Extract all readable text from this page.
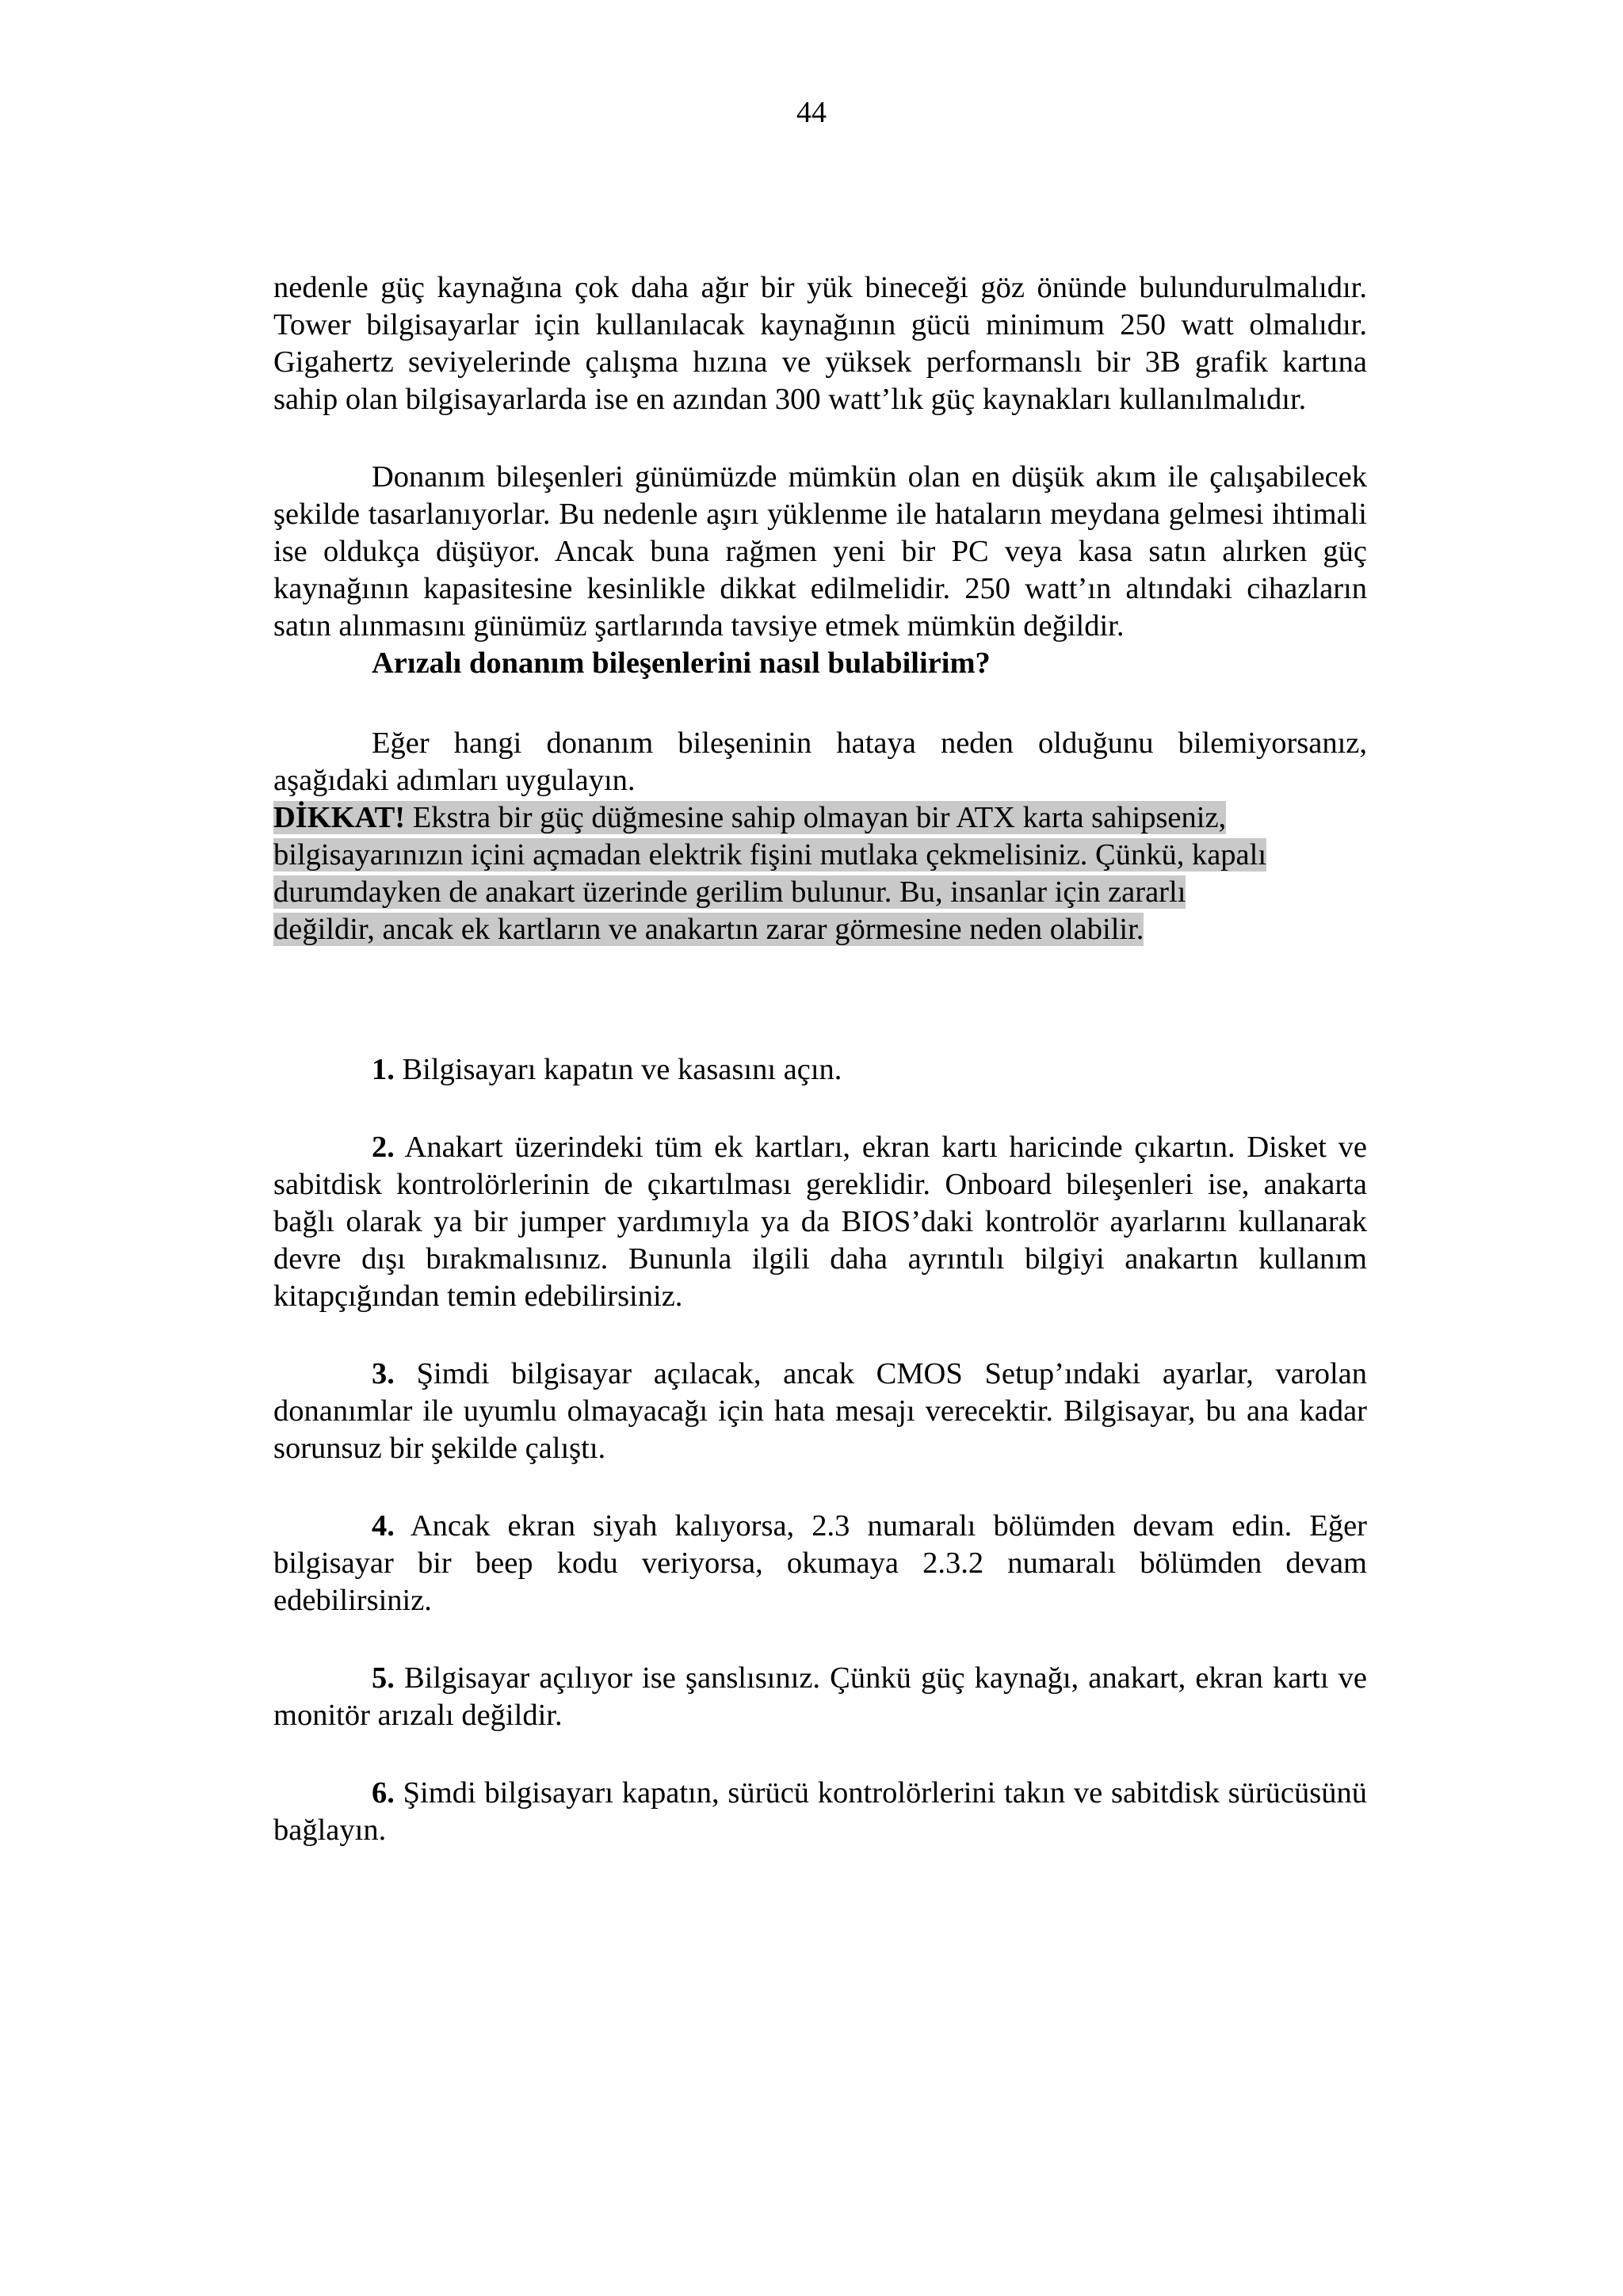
44

nedenle güç kaynağına çok daha ağır bir yük bineceği göz önünde bulundurulmalıdır. Tower bilgisayarlar için kullanılacak kaynağının gücü minimum 250 watt olmalıdır. Gigahertz seviyelerinde çalışma hızına ve yüksek performanslı bir 3B grafik kartına sahip olan bilgisayarlarda ise en azından 300 watt’lık güç kaynakları kullanılmalıdır.

Donanım bileşenleri günümüzde mümkün olan en düşük akım ile çalışabilecek şekilde tasarlanıyorlar. Bu nedenle aşırı yüklenme ile hataların meydana gelmesi ihtimali ise oldukça düşüyor. Ancak buna rağmen yeni bir PC veya kasa satın alırken güç kaynağının kapasitesine kesinlikle dikkat edilmelidir. 250 watt’ın altındaki cihazların satın alınmasını günümüz şartlarında tavsiye etmek mümkün değildir.

Arızalı donanım bileşenlerini nasıl bulabilirim?

Eğer hangi donanım bileşeninin hataya neden olduğunu bilemiyorsanız, aşağıdaki adımları uygulayın.

DİKKAT! Ekstra bir güç düğmesine sahip olmayan bir ATX karta sahipseniz,
bilgisayarınızın içini açmadan elektrik fişini mutlaka çekmelisiniz. Çünkü, kapalı
durumdayken de anakart üzerinde gerilim bulunur. Bu, insanlar için zararlı
değildir, ancak ek kartların ve anakartın zarar görmesine neden olabilir.

1. Bilgisayarı kapatın ve kasasını açın.

2. Anakart üzerindeki tüm ek kartları, ekran kartı haricinde çıkartın. Disket ve sabitdisk kontrolörlerinin de çıkartılması gereklidir. Onboard bileşenleri ise, anakarta bağlı olarak ya bir jumper yardımıyla ya da BIOS’daki kontrolör ayarlarını kullanarak devre dışı bırakmalısınız. Bununla ilgili daha ayrıntılı bilgiyi anakartın kullanım kitapçığından temin edebilirsiniz.

3. Şimdi bilgisayar açılacak, ancak CMOS Setup’ındaki ayarlar, varolan donanımlar ile uyumlu olmayacağı için hata mesajı verecektir. Bilgisayar, bu ana kadar sorunsuz bir şekilde çalıştı.

4. Ancak ekran siyah kalıyorsa, 2.3 numaralı bölümden devam edin. Eğer bilgisayar bir beep kodu veriyorsa, okumaya 2.3.2 numaralı bölümden devam edebilirsiniz.

5. Bilgisayar açılıyor ise şanslısınız. Çünkü güç kaynağı, anakart, ekran kartı ve monitör arızalı değildir.

6. Şimdi bilgisayarı kapatın, sürücü kontrolörlerini takın ve sabitdisk sürücüsünü bağlayın.
